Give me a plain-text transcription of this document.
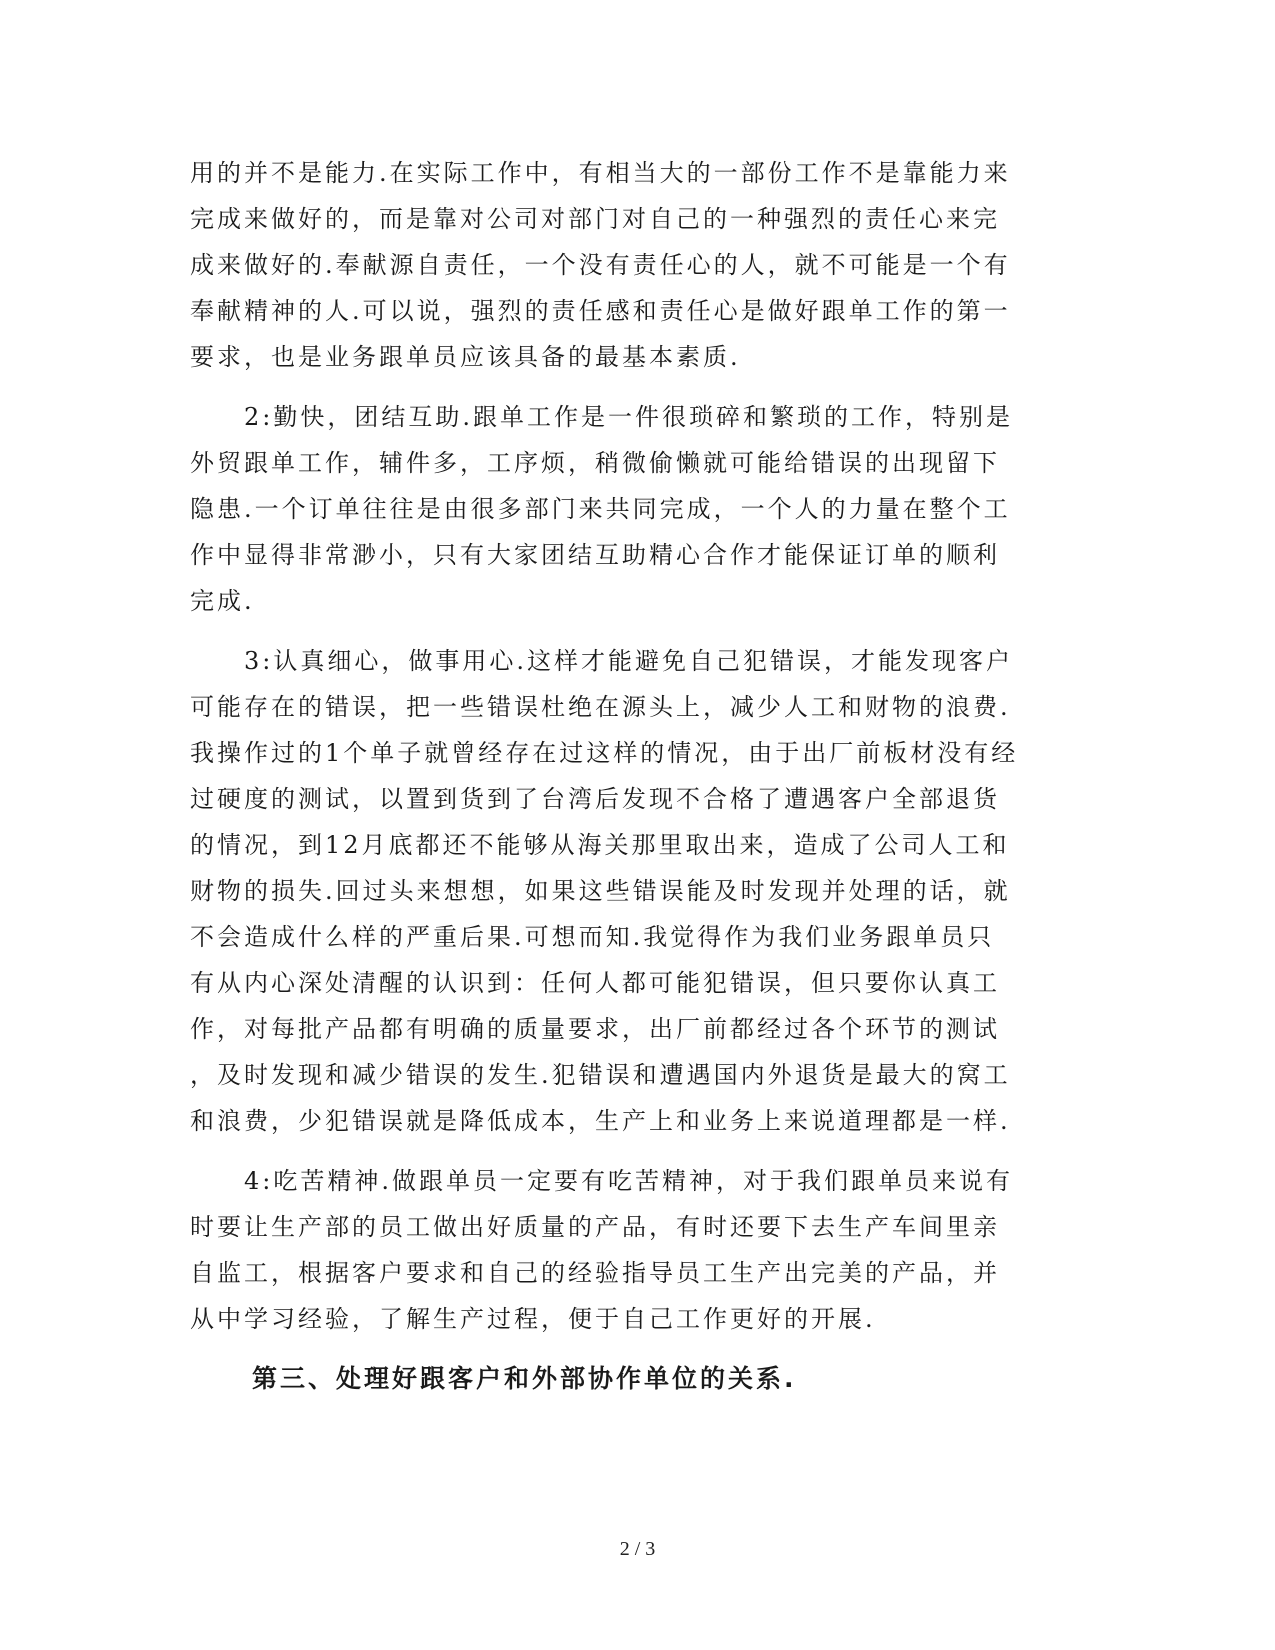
用的并不是能力.在实际工作中，有相当大的一部份工作不是靠能力来
完成来做好的，而是靠对公司对部门对自己的一种强烈的责任心来完
成来做好的.奉献源自责任，一个没有责任心的人，就不可能是一个有
奉献精神的人.可以说，强烈的责任感和责任心是做好跟单工作的第一
要求，也是业务跟单员应该具备的最基本素质.

2:勤快，团结互助.跟单工作是一件很琐碎和繁琐的工作，特别是
外贸跟单工作，辅件多，工序烦，稍微偷懒就可能给错误的出现留下
隐患.一个订单往往是由很多部门来共同完成，一个人的力量在整个工
作中显得非常渺小，只有大家团结互助精心合作才能保证订单的顺利
完成.

3:认真细心，做事用心.这样才能避免自己犯错误，才能发现客户
可能存在的错误，把一些错误杜绝在源头上，减少人工和财物的浪费.
我操作过的1个单子就曾经存在过这样的情况，由于出厂前板材没有经
过硬度的测试，以置到货到了台湾后发现不合格了遭遇客户全部退货
的情况，到12月底都还不能够从海关那里取出来，造成了公司人工和
财物的损失.回过头来想想，如果这些错误能及时发现并处理的话，就
不会造成什么样的严重后果.可想而知.我觉得作为我们业务跟单员只
有从内心深处清醒的认识到：任何人都可能犯错误，但只要你认真工
作，对每批产品都有明确的质量要求，出厂前都经过各个环节的测试
，及时发现和减少错误的发生.犯错误和遭遇国内外退货是最大的窝工
和浪费，少犯错误就是降低成本，生产上和业务上来说道理都是一样.

4:吃苦精神.做跟单员一定要有吃苦精神，对于我们跟单员来说有
时要让生产部的员工做出好质量的产品，有时还要下去生产车间里亲
自监工，根据客户要求和自己的经验指导员工生产出完美的产品，并
从中学习经验，了解生产过程，便于自己工作更好的开展.

第三、处理好跟客户和外部协作单位的关系.
2 / 3
